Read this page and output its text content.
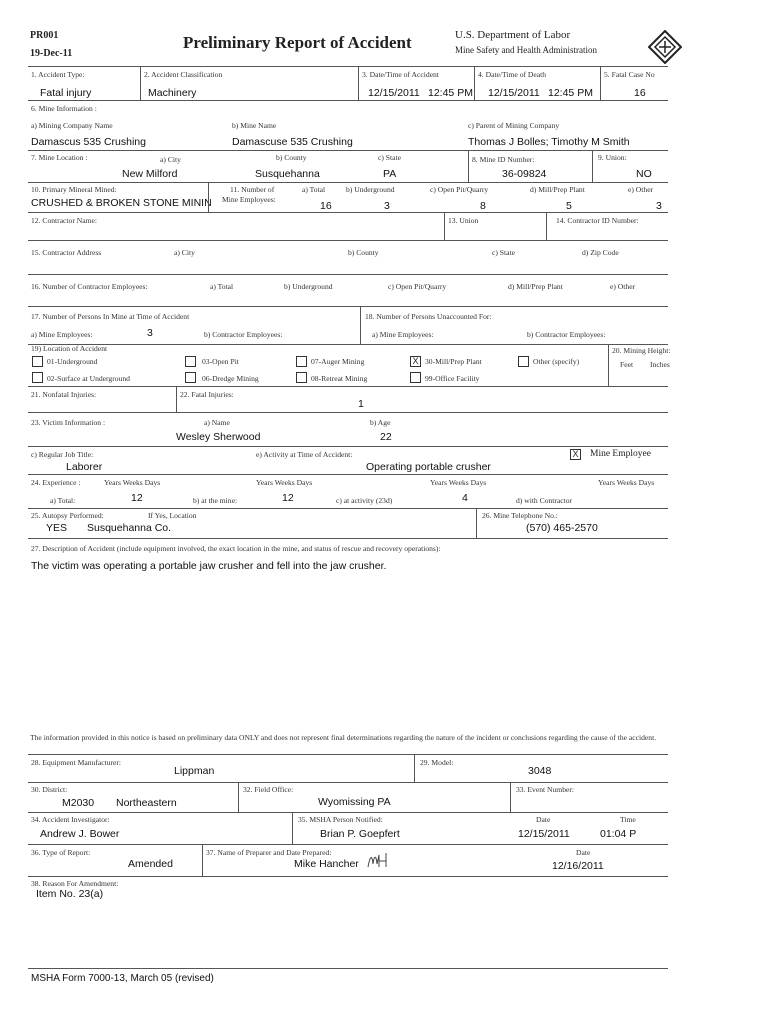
PR001
19-Dec-11
Preliminary Report of Accident	U.S. Department of Labor
Mine Safety and Health Administration
1. Accident Type:
Fatal injury
2. Accident Classification
Machinery
3. Date/Time of Accident
12/15/2011 12:45 PM
4. Date/Time of Death
12/15/2011 12:45 PM
5. Fatal Case No
16
6. Mine Information :
a) Mining Company Name
Damascus 535 Crushing
b) Mine Name
Damascuse 535 Crushing
c) Parent of Mining Company
Thomas J Bolles; Timothy M Smith
7. Mine Location :	a) City
New Milford
b) County
Susquehanna
c) State
PA
8. Mine ID Number:
36-09824
9. Union:
NO
10. Primary Mineral Mined:
CRUSHED & BROKEN STONE MININ
11. Number of
Mine Employees:
a) Total
16
b) Underground
3
c) Open Pit/Quarry
8
d) Mill/Prep Plant
5
e) Other
3
12. Contractor Name:	13. Union	14. Contractor ID Number:
15. Contractor Address	a) City	b) County	c) State	d) Zip Code
16. Number of Contractor Employees:	a) Total	b) Underground	c) Open Pit/Quarry	d) Mill/Prep Plant	e) Other
17. Number of Persons In Mine at Time of Accident	18. Number of Persons Unaccounted For:
a) Mine Employees:	3	b) Contractor Employees:	a) Mine Employees:	b) Contractor Employees:
19) Location of Accident
01-Underground
02-Surface at Underground
03-Open Pit
06-Dredge Mining
07-Auger Mining
08-Retreat Mining
X 30-Mill/Prep Plant
99-Office Facility
Other (specify)
20. Mining Height:
Feet Inches
21. Nonfatal Injuries:	22. Fatal Injuries:
1
23. Victim Information :	a) Name
Wesley Sherwood
b) Age
22
c) Regular Job Title:
Laborer
e) Activity at Time of Accident:
Operating portable crusher
X Mine Employee
24. Experience :	Years Weeks Days	Years Weeks Days	Years Weeks Days	Years Weeks Days
a) Total:	12	b) at the mine:	12	c) at activity (23d)	4	d) with Contractor
25. Autopsy Performed:
YES
If Yes, Location
Susquehanna Co.
26. Mine Telephone No.:
(570) 465-2570
27. Description of Accident (include equipment involved, the exact location in the mine, and status of rescue and recovery operations):
The victim was operating a portable jaw crusher and fell into the jaw crusher.
The information provided in this notice is based on preliminary data ONLY and does not represent final determinations regarding the nature of the incident or conclusions regarding the cause of the accident.
28. Equipment Manufacturer:
Lippman
29. Model:
3048
30. District:
M2030 Northeastern
32. Field Office:
Wyomissing PA
33. Event Number:
34. Accident Investigator:
Andrew J. Bower
35. MSHA Person Notified:
Brian P. Goepfert
Date
12/15/2011
Time
01:04 P
36. Type of Report:
Amended
37. Name of Preparer and Date Prepared:
Mike Hancher
Date
12/16/2011
38. Reason For Amendment:
Item No. 23(a)
MSHA Form 7000-13, March 05 (revised)
